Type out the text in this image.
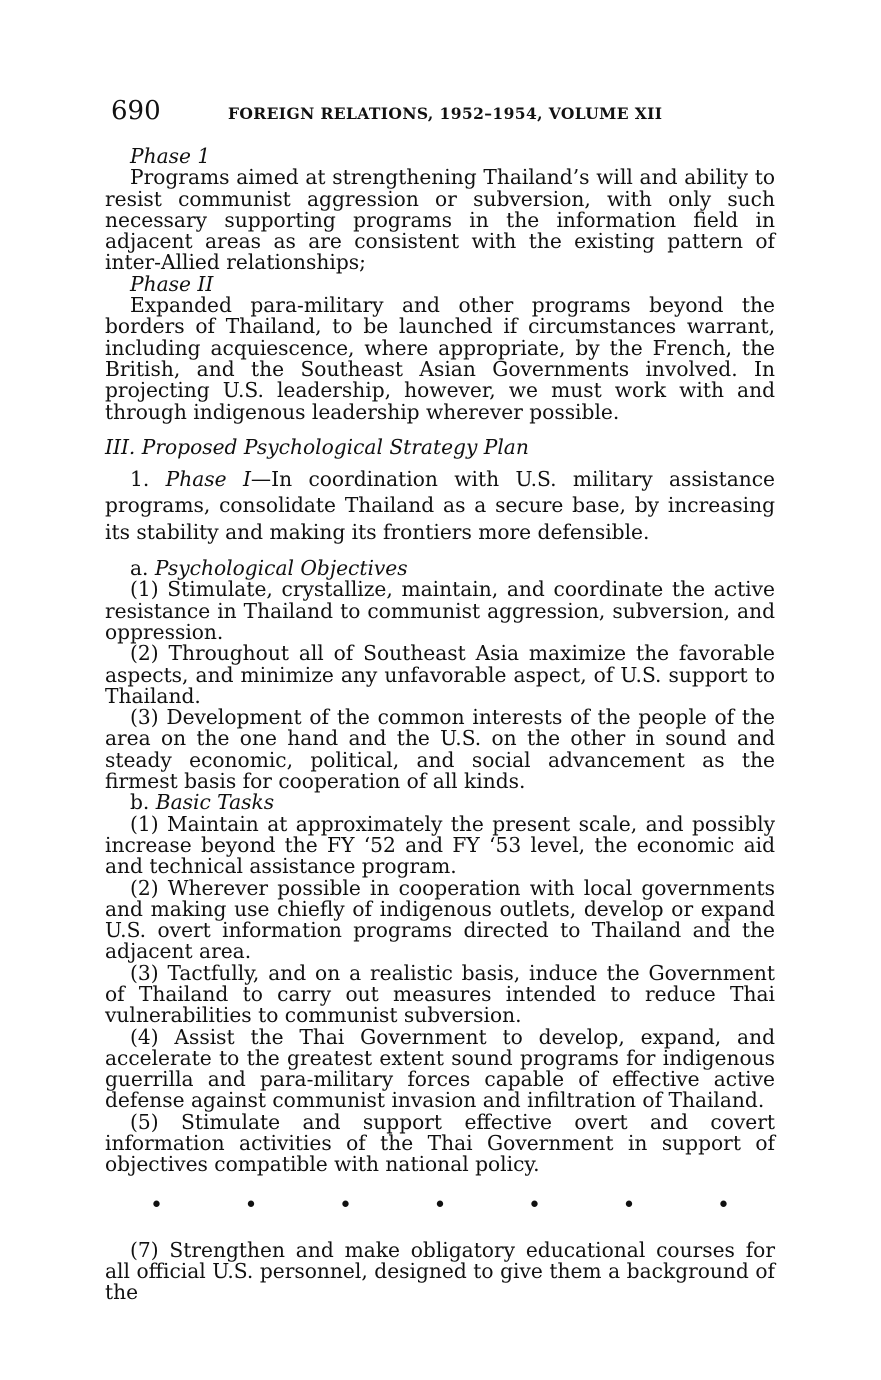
690	FOREIGN RELATIONS, 1952–1954, VOLUME XII

Phase 1

Programs aimed at strengthening Thailand’s will and ability to resist communist aggression or subversion, with only such necessary supporting programs in the information field in adjacent areas as are consistent with the existing pattern of inter-Allied relationships;

Phase II

Expanded para-military and other programs beyond the borders of Thailand, to be launched if circumstances warrant, including acquiescence, where appropriate, by the French, the British, and the Southeast Asian Governments involved. In projecting U.S. leadership, however, we must work with and through indigenous leadership wherever possible.

III. Proposed Psychological Strategy Plan

1. Phase I—In coordination with U.S. military assistance programs, consolidate Thailand as a secure base, by increasing its stability and making its frontiers more defensible.

a. Psychological Objectives

(1) Stimulate, crystallize, maintain, and coordinate the active resistance in Thailand to communist aggression, subversion, and oppression.

(2) Throughout all of Southeast Asia maximize the favorable aspects, and minimize any unfavorable aspect, of U.S. support to Thailand.

(3) Development of the common interests of the people of the area on the one hand and the U.S. on the other in sound and steady economic, political, and social advancement as the firmest basis for cooperation of all kinds.

b. Basic Tasks

(1) Maintain at approximately the present scale, and possibly increase beyond the FY ‘52 and FY ‘53 level, the economic aid and technical assistance program.

(2) Wherever possible in cooperation with local governments and making use chiefly of indigenous outlets, develop or expand U.S. overt information programs directed to Thailand and the adjacent area.

(3) Tactfully, and on a realistic basis, induce the Government of Thailand to carry out measures intended to reduce Thai vulnerabilities to communist subversion.

(4) Assist the Thai Government to develop, expand, and accelerate to the greatest extent sound programs for indigenous guerrilla and para-military forces capable of effective active defense against communist invasion and infiltration of Thailand.

(5) Stimulate and support effective overt and covert information activities of the Thai Government in support of objectives compatible with national policy.

•	•	•	•	•	•	•

(7) Strengthen and make obligatory educational courses for all official U.S. personnel, designed to give them a background of the
